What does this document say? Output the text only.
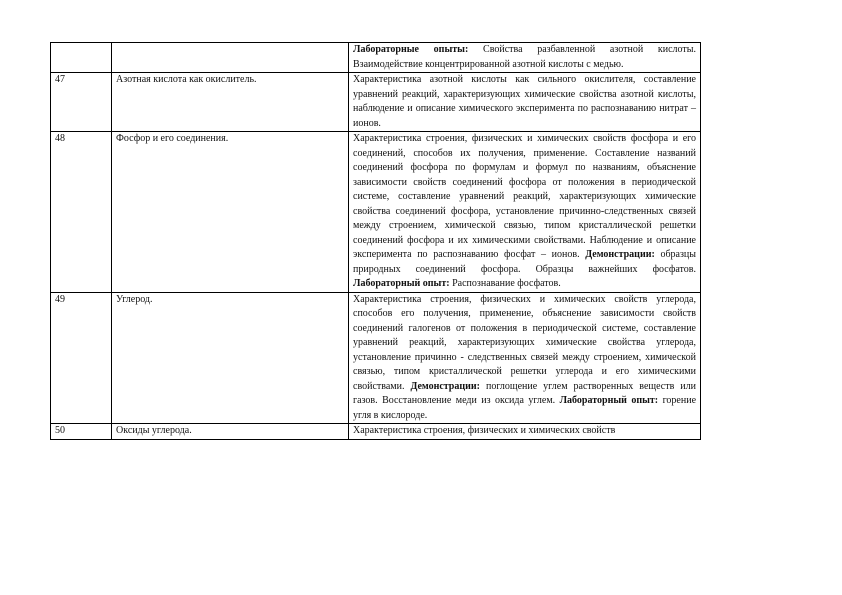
		Лабораторные опыты: Свойства разбавленной азотной кислоты. Взаимодействие концентрированной азотной кислоты с медью.
47	Азотная кислота как окислитель.	Характеристика азотной кислоты как сильного окислителя, составление уравнений реакций, характеризующих химические свойства азотной кислоты, наблюдение и описание химического эксперимента по распознаванию нитрат – ионов.
48	Фосфор и его соединения.	Характеристика строения, физических и химических свойств фосфора и его соединений, способов их получения, применение. Составление названий соединений фосфора по формулам и формул по названиям, объяснение зависимости свойств соединений фосфора от положения в периодической системе, составление уравнений реакций, характеризующих химические свойства соединений фосфора, установление причинно-следственных связей между строением, химической связью, типом кристаллической решетки соединений фосфора и их химическими свойствами. Наблюдение и описание эксперимента по распознаванию фосфат – ионов. Демонстрации: образцы природных соединений фосфора. Образцы важнейших фосфатов. Лабораторный опыт: Распознавание фосфатов.
49	Углерод.	Характеристика строения, физических и химических свойств углерода, способов его получения, применение, объяснение зависимости свойств соединений галогенов от положения в периодической системе, составление уравнений реакций, характеризующих химические свойства углерода, установление причинно - следственных связей между строением, химической связью, типом кристаллической решетки углерода и его химическими свойствами. Демонстрации: поглощение углем растворенных веществ или газов. Восстановление меди из оксида углем. Лабораторный опыт: горение угля в кислороде.
50	Оксиды углерода.	Характеристика строения, физических и химических свойств
